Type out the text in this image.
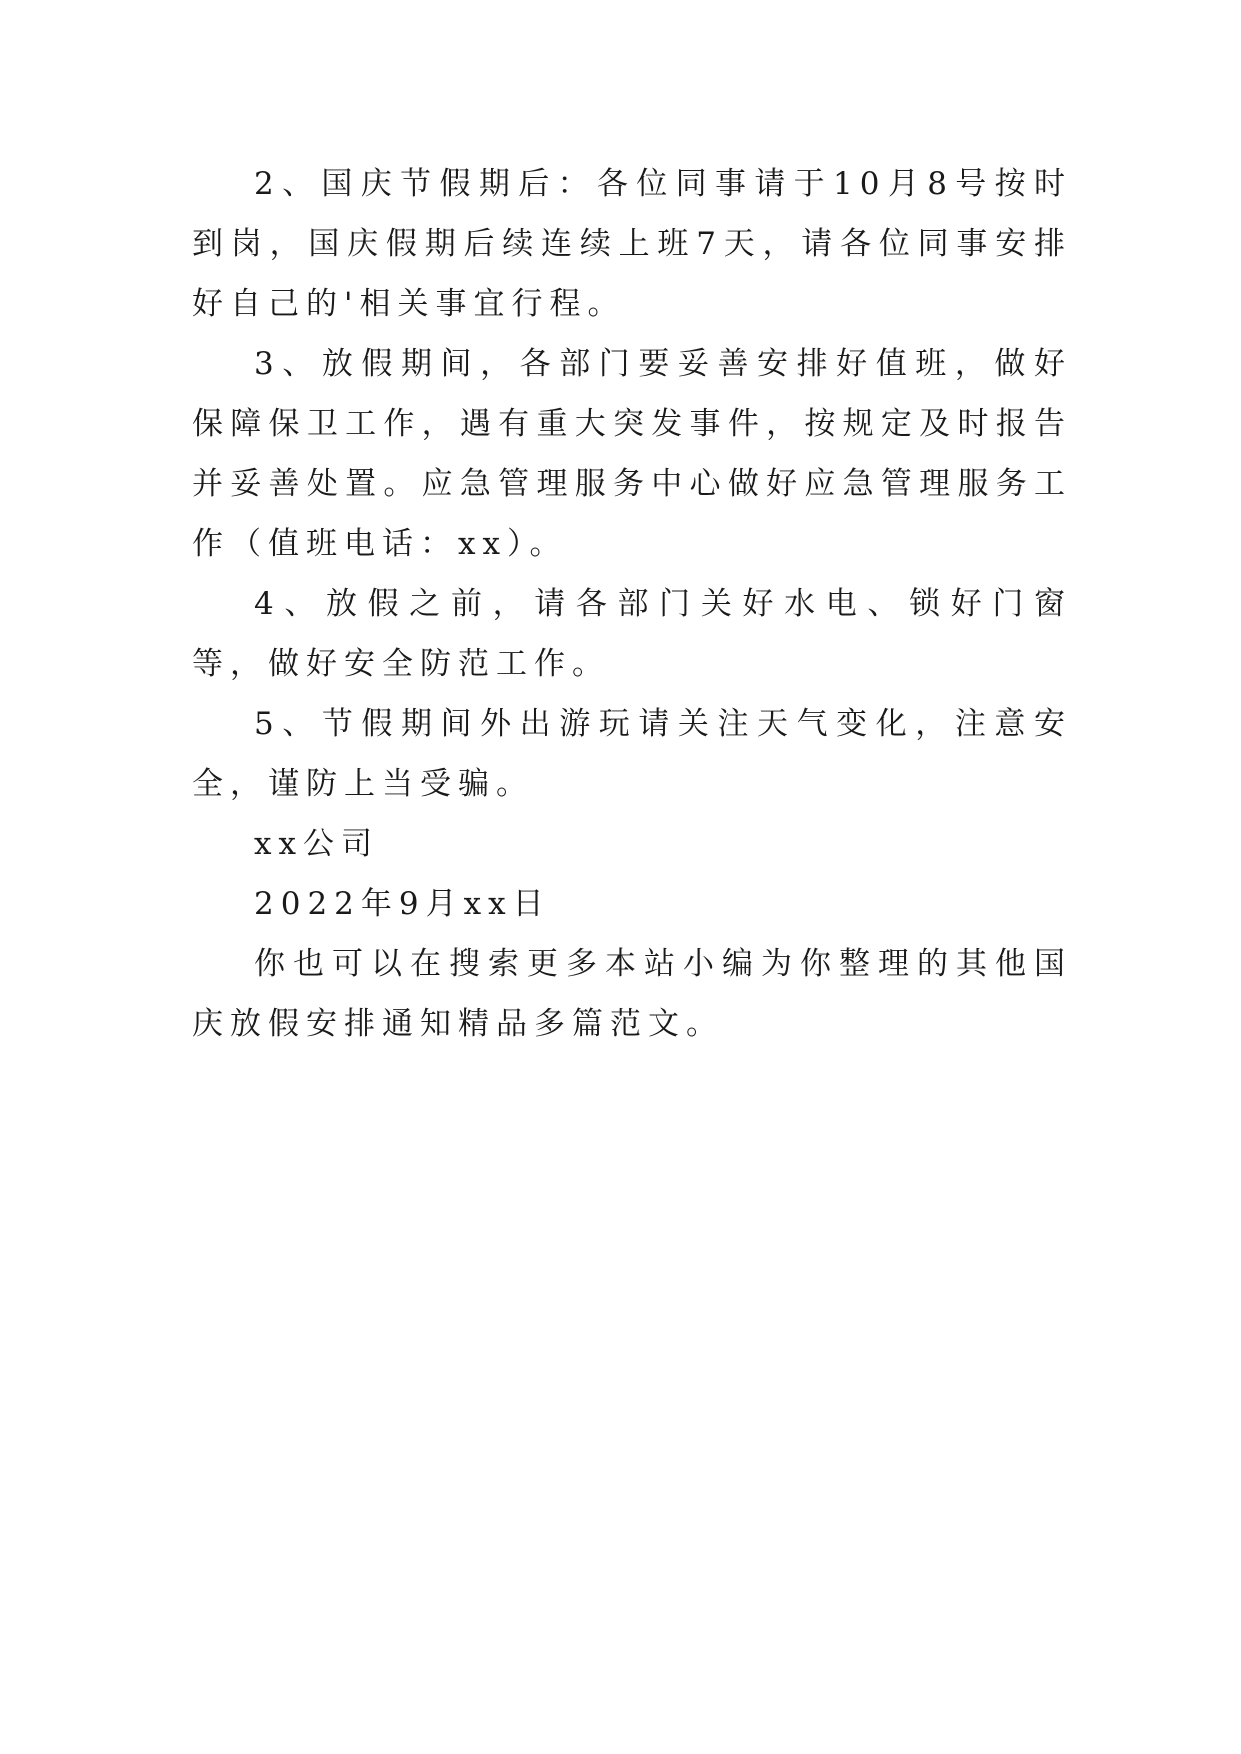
2、国庆节假期后：各位同事请于10月8号按时到岗，国庆假期后续连续上班7天，请各位同事安排好自己的'相关事宜行程。

3、放假期间，各部门要妥善安排好值班，做好保障保卫工作，遇有重大突发事件，按规定及时报告并妥善处置。应急管理服务中心做好应急管理服务工作（值班电话：xx）。

4、放假之前，请各部门关好水电、锁好门窗等，做好安全防范工作。

5、节假期间外出游玩请关注天气变化，注意安全，谨防上当受骗。

xx公司

2022年9月xx日

你也可以在搜索更多本站小编为你整理的其他国庆放假安排通知精品多篇范文。
